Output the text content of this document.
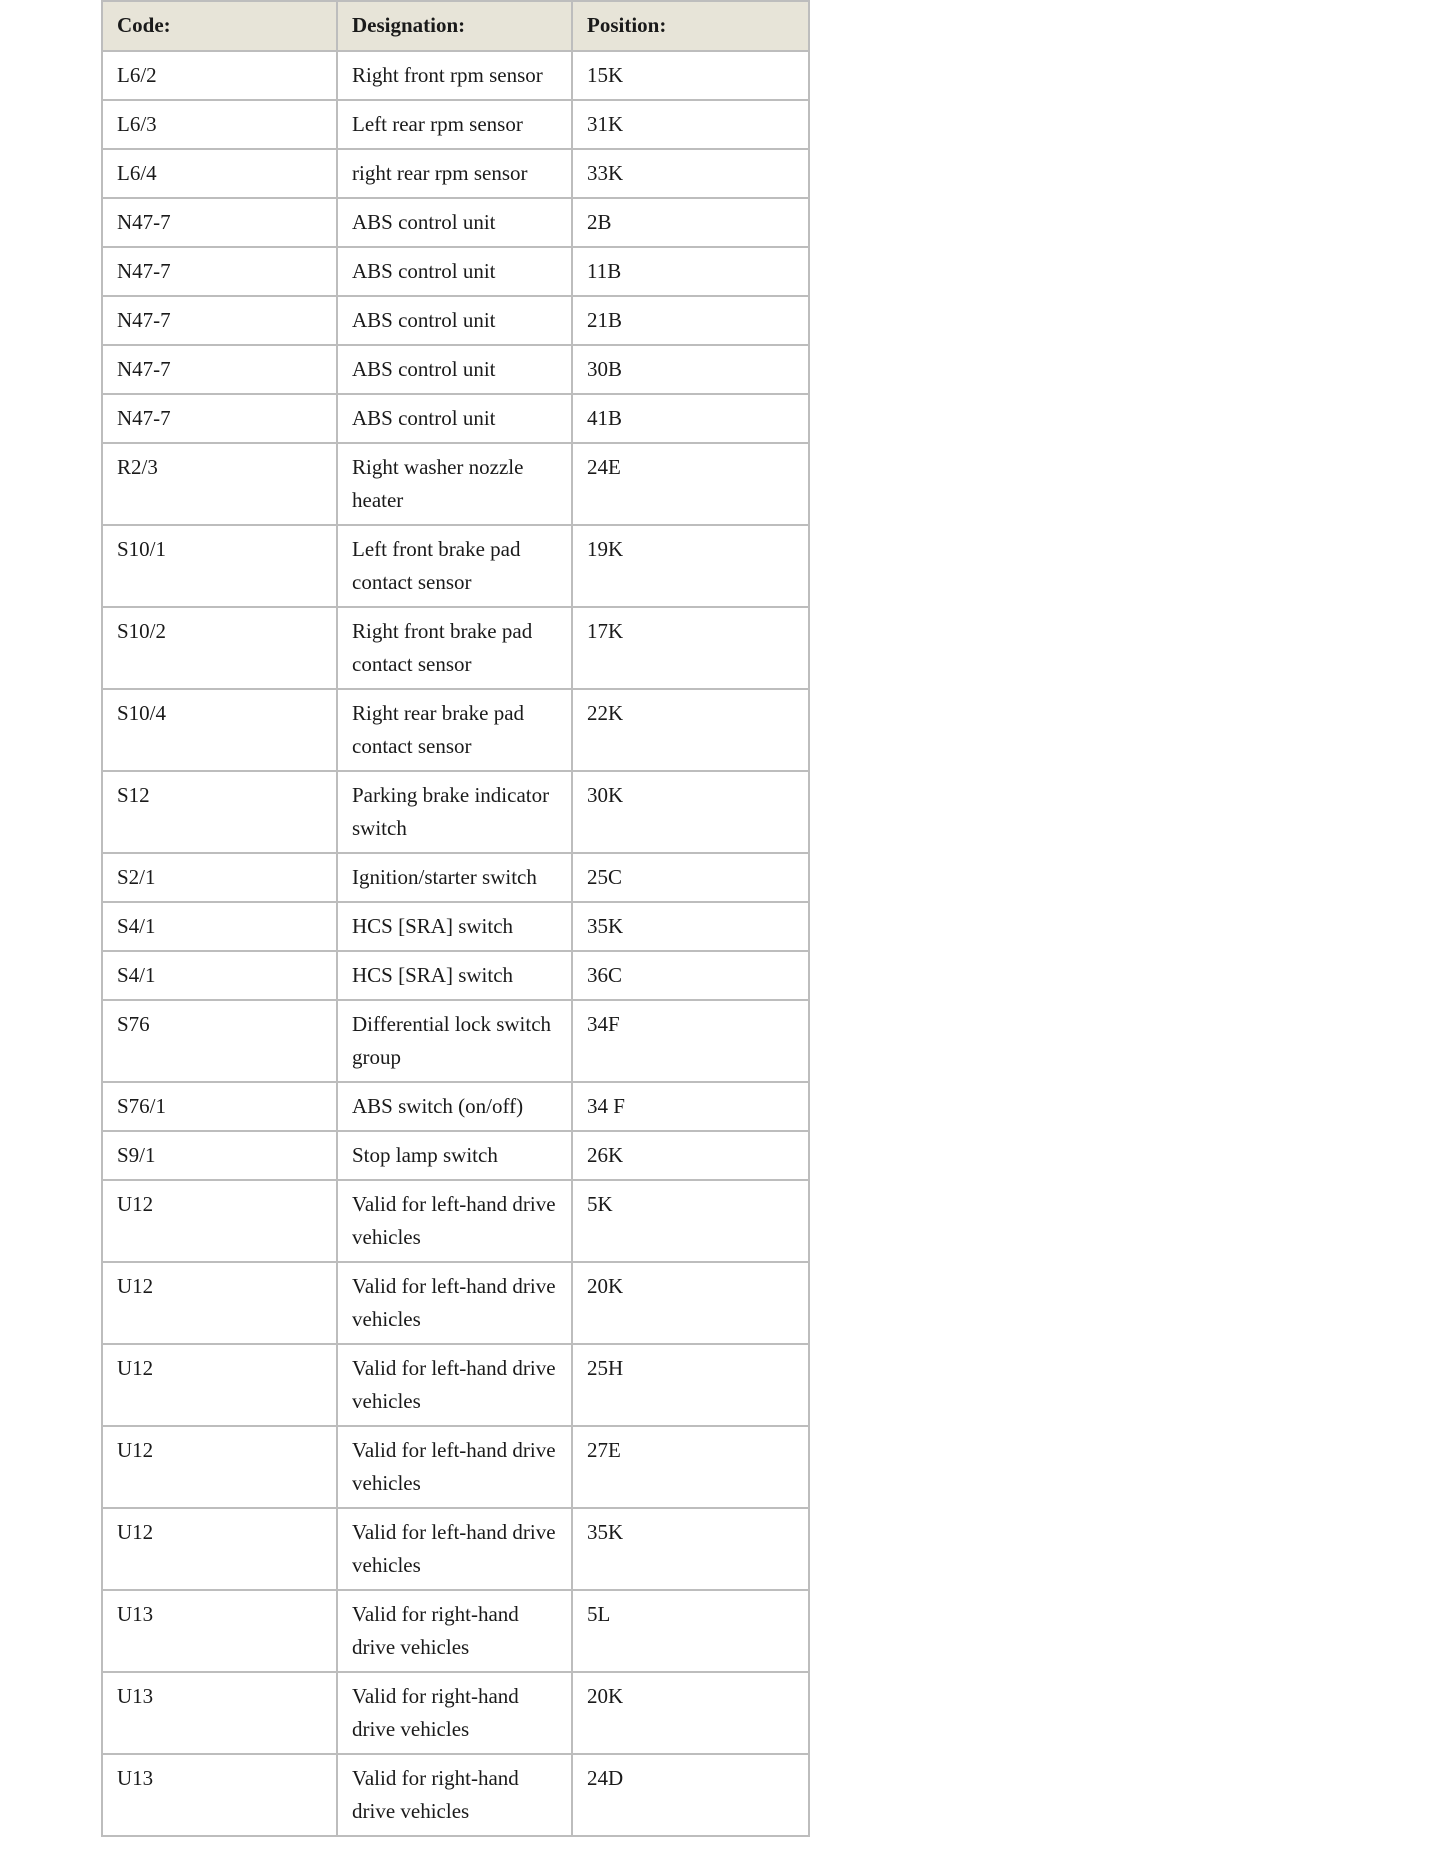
Code:	Designation:	Position:
L6/2	Right front rpm sensor	15K
L6/3	Left rear rpm sensor	31K
L6/4	right rear rpm sensor	33K
N47-7	ABS control unit	2B
N47-7	ABS control unit	11B
N47-7	ABS control unit	21B
N47-7	ABS control unit	30B
N47-7	ABS control unit	41B
R2/3	Right washer nozzle heater	24E
S10/1	Left front brake pad contact sensor	19K
S10/2	Right front brake pad contact sensor	17K
S10/4	Right rear brake pad contact sensor	22K
S12	Parking brake indicator switch	30K
S2/1	Ignition/starter switch	25C
S4/1	HCS [SRA] switch	35K
S4/1	HCS [SRA] switch	36C
S76	Differential lock switch group	34F
S76/1	ABS switch (on/off)	34 F
S9/1	Stop lamp switch	26K
U12	Valid for left-hand drive vehicles	5K
U12	Valid for left-hand drive vehicles	20K
U12	Valid for left-hand drive vehicles	25H
U12	Valid for left-hand drive vehicles	27E
U12	Valid for left-hand drive vehicles	35K
U13	Valid for right-hand drive vehicles	5L
U13	Valid for right-hand drive vehicles	20K
U13	Valid for right-hand drive vehicles	24D
